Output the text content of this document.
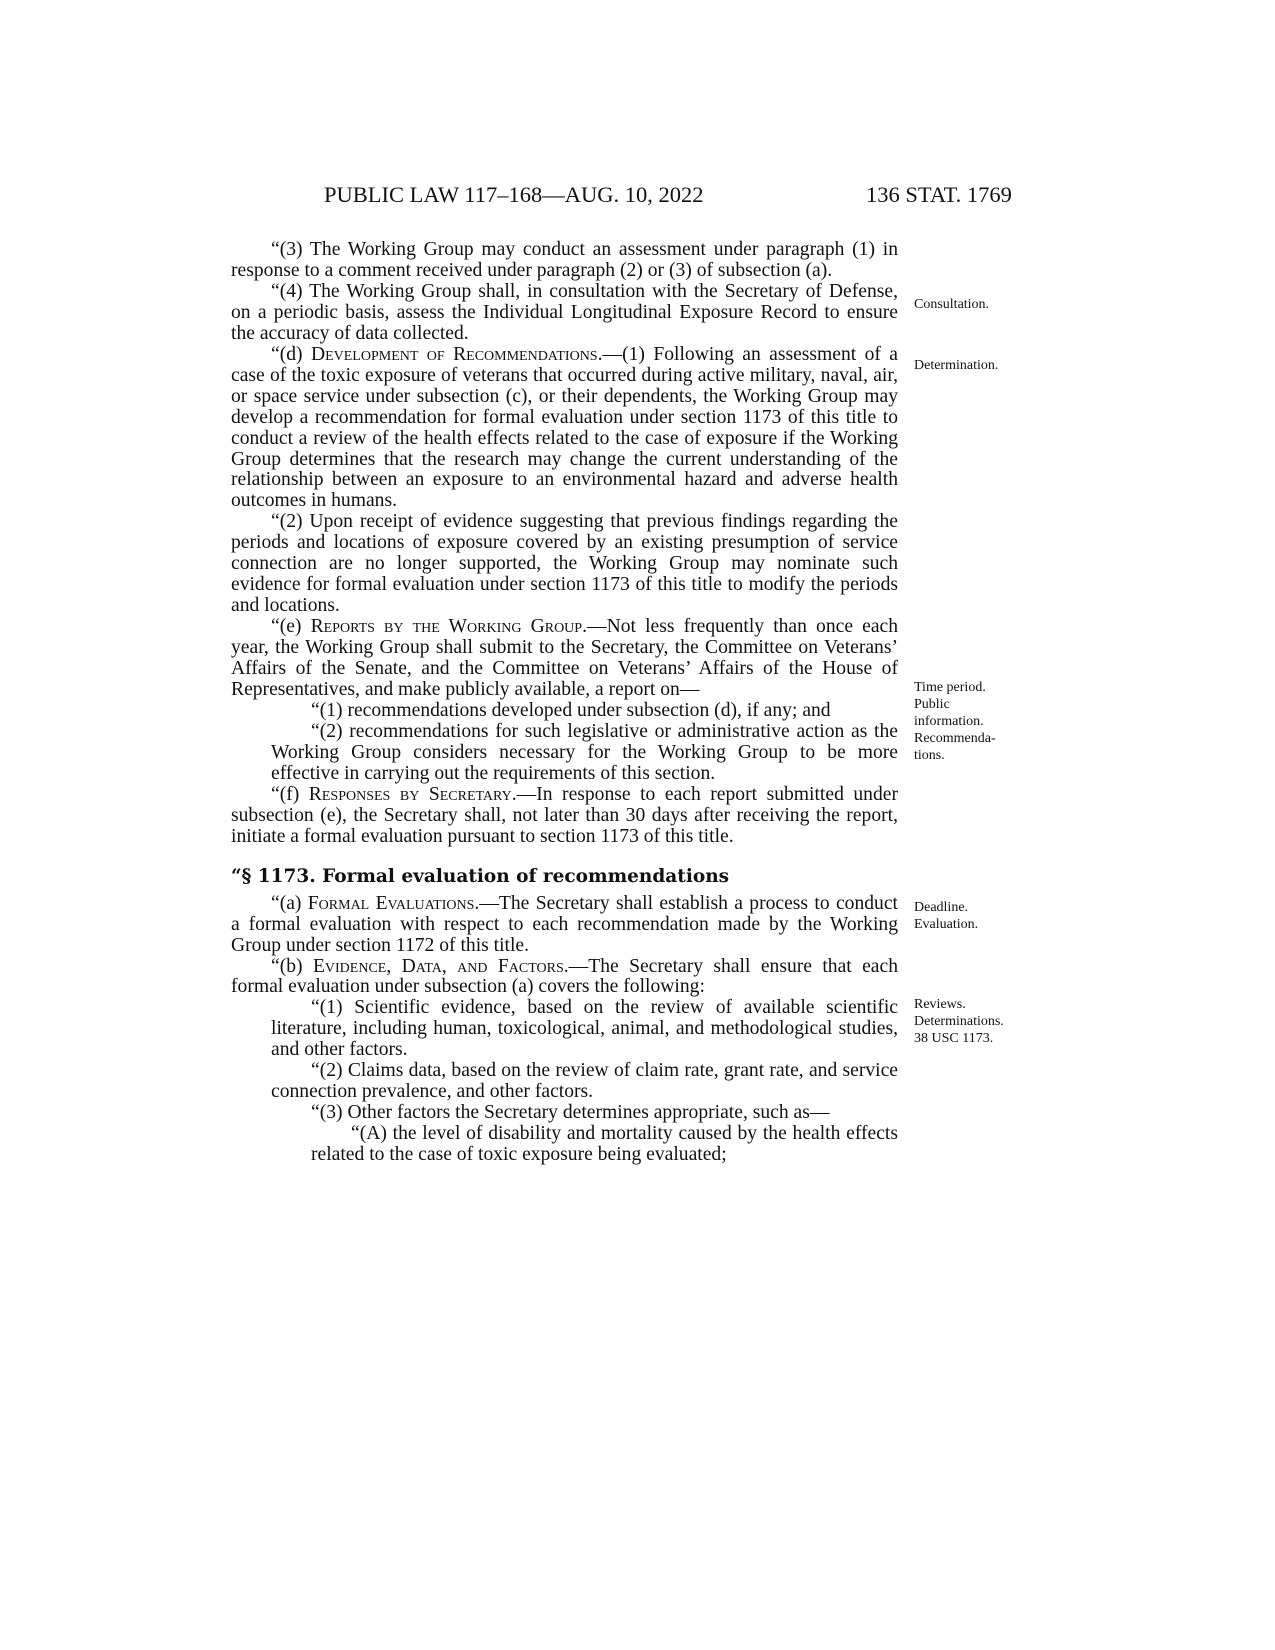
PUBLIC LAW 117–168—AUG. 10, 2022	136 STAT. 1769

“(3) The Working Group may conduct an assessment under paragraph (1) in response to a comment received under paragraph (2) or (3) of subsection (a).

“(4) The Working Group shall, in consultation with the Secretary of Defense, on a periodic basis, assess the Individual Longitudinal Exposure Record to ensure the accuracy of data collected.

“(d) Development of Recommendations.—(1) Following an assessment of a case of the toxic exposure of veterans that occurred during active military, naval, air, or space service under subsection (c), or their dependents, the Working Group may develop a recommendation for formal evaluation under section 1173 of this title to conduct a review of the health effects related to the case of exposure if the Working Group determines that the research may change the current understanding of the relationship between an exposure to an environmental hazard and adverse health outcomes in humans.

“(2) Upon receipt of evidence suggesting that previous findings regarding the periods and locations of exposure covered by an existing presumption of service connection are no longer supported, the Working Group may nominate such evidence for formal evaluation under section 1173 of this title to modify the periods and locations.

“(e) Reports by the Working Group.—Not less frequently than once each year, the Working Group shall submit to the Secretary, the Committee on Veterans’ Affairs of the Senate, and the Committee on Veterans’ Affairs of the House of Representatives, and make publicly available, a report on—

“(1) recommendations developed under subsection (d), if any; and

“(2) recommendations for such legislative or administrative action as the Working Group considers necessary for the Working Group to be more effective in carrying out the requirements of this section.

“(f) Responses by Secretary.—In response to each report submitted under subsection (e), the Secretary shall, not later than 30 days after receiving the report, initiate a formal evaluation pursuant to section 1173 of this title.

“§ 1173. Formal evaluation of recommendations

“(a) Formal Evaluations.—The Secretary shall establish a process to conduct a formal evaluation with respect to each recommendation made by the Working Group under section 1172 of this title.

“(b) Evidence, Data, and Factors.—The Secretary shall ensure that each formal evaluation under subsection (a) covers the following:

“(1) Scientific evidence, based on the review of available scientific literature, including human, toxicological, animal, and methodological studies, and other factors.

“(2) Claims data, based on the review of claim rate, grant rate, and service connection prevalence, and other factors.

“(3) Other factors the Secretary determines appropriate, such as—

“(A) the level of disability and mortality caused by the health effects related to the case of toxic exposure being evaluated;

Consultation.
Determination.
Time period.
Public
information.
Recommenda-
tions.
Deadline.
Evaluation.
Reviews.
Determinations.
38 USC 1173.
